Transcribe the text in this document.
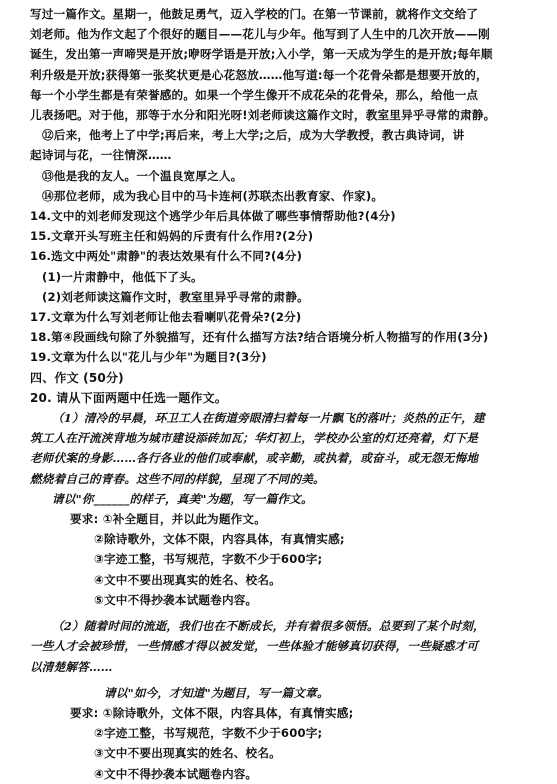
写过一篇作文。星期一，他鼓足勇气，迈入学校的门。在第一节课前，就将作文交给了
刘老师。他为作文起了个很好的题目——花儿与少年。他写到了人生中的几次开放——刚
诞生，发出第一声啼哭是开放;咿呀学语是开放;入小学，第一天成为学生的是开放;每年顺
利升级是开放;获得第一张奖状更是心花怒放……他写道:每一个花骨朵都是想要开放的，
每一个小学生都是有荣誉感的。如果一个学生像开不成花朵的花骨朵，那么，给他一点
儿表扬吧。对于他，那等于水分和阳光呀!刘老师读这篇作文时，教室里异乎寻常的肃静。
⑫后来，他考上了中学;再后来，考上大学;之后，成为大学教授，教古典诗词，讲
起诗词与花，一往情深……
⑬他是我的友人。一个温良宽厚之人。
⑭那位老师，成为我心目中的马卡连柯(苏联杰出教育家、作家)。
14.文中的刘老师发现这个逃学少年后具体做了哪些事情帮助他?(4分)
15.文章开头写班主任和妈妈的斥责有什么作用?(2分)
16.选文中两处"肃静"的表达效果有什么不同?(4分)
(1)一片肃静中，他低下了头。
(2)刘老师读这篇作文时，教室里异乎寻常的肃静。
17.文章为什么写刘老师让他去看喇叭花骨朵?(2分)
18.第④段画线句除了外貌描写，还有什么描写方法?结合语境分析人物描写的作用(3分)
19.文章为什么以"花儿与少年"为题目?(3分)
四、作文 (50分)
20. 请从下面两题中任选一题作文。
（1）清冷的早晨，环卫工人在街道旁眼清扫着每一片飘飞的落叶；炎热的正午，建
筑工人在汗流浃背地为城市建设添砖加瓦；华灯初上，学校办公室的灯还亮着，灯下是
老师伏案的身影……各行各业的他们或奉献，或辛勤，或执着，或奋斗，或无怨无悔地
燃烧着自己的青春。这些不同的样貌，呈现了不同的美。
请以"你______的样子，真美"为题，写一篇作文。
要求: ①补全题目，并以此为题作文。
②除诗歌外，文体不限，内容具体，有真情实感;
③字迹工整，书写规范，字数不少于600字;
④文中不要出现真实的姓名、校名。
⑤文中不得抄袭本试题卷内容。
（2）随着时间的流逝，我们也在不断成长，并有着很多领悟。总要到了某个时刻，
一些人才会被珍惜，一些情感才得以被发觉，一些体验才能够真切获得，一些疑惑才可
以清楚解答……
请以"如今，才知道"为题目，写一篇文章。
要求: ①除诗歌外，文体不限，内容具体，有真情实感;
②字迹工整，书写规范，字数不少于600字;
③文中不要出现真实的姓名、校名。
④文中不得抄袭本试题卷内容。
